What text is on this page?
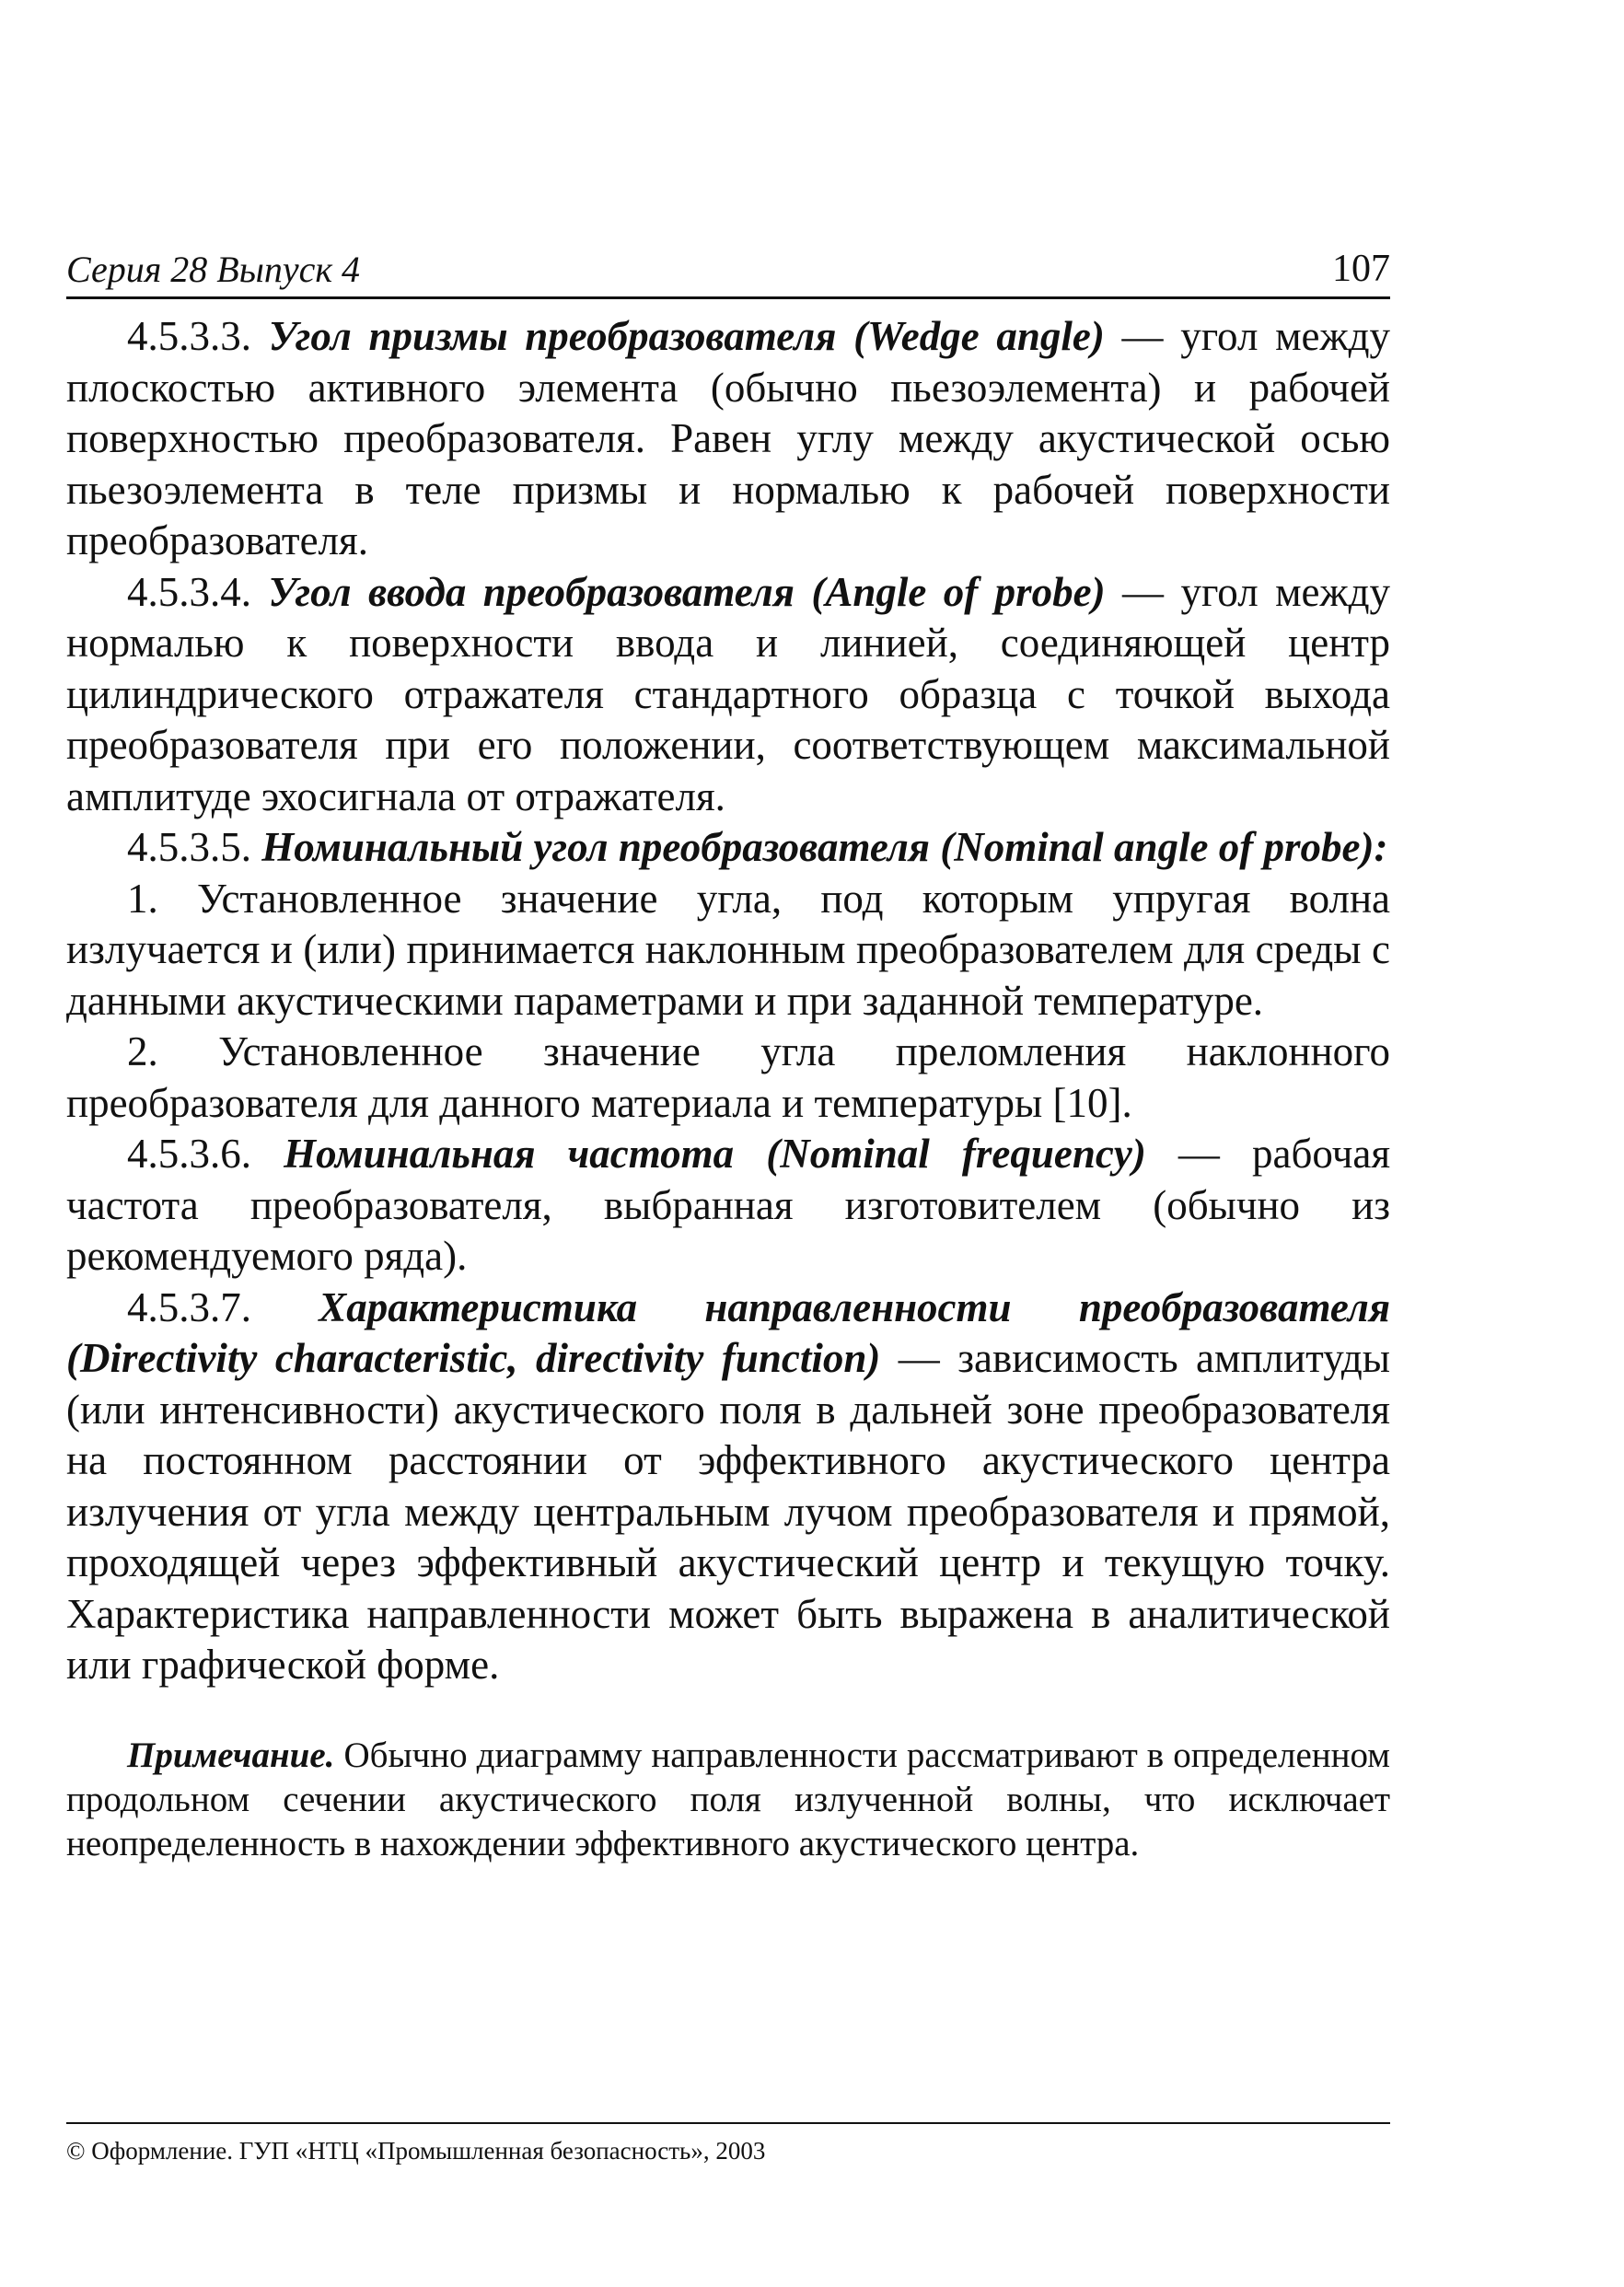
Серия 28 Выпуск 4	107

4.5.3.3. Угол призмы преобразователя (Wedge angle) — угол между плоскостью активного элемента (обычно пьезоэлемента) и рабочей поверхностью преобразователя. Равен углу между акустической осью пьезоэлемента в теле призмы и нормалью к рабочей поверхности преобразователя.

4.5.3.4. Угол ввода преобразователя (Angle of probe) — угол между нормалью к поверхности ввода и линией, соединяющей центр цилиндрического отражателя стандартного образца с точкой выхода преобразователя при его положении, соответствующем максимальной амплитуде эхосигнала от отражателя.

4.5.3.5. Номинальный угол преобразователя (Nominal angle of probe):

1. Установленное значение угла, под которым упругая волна излучается и (или) принимается наклонным преобразователем для среды с данными акустическими параметрами и при заданной температуре.

2. Установленное значение угла преломления наклонного преобразователя для данного материала и температуры [10].

4.5.3.6. Номинальная частота (Nominal frequency) — рабочая частота преобразователя, выбранная изготовителем (обычно из рекомендуемого ряда).

4.5.3.7. Характеристика направленности преобразователя (Directivity characteristic, directivity function) — зависимость амплитуды (или интенсивности) акустического поля в дальней зоне преобразователя на постоянном расстоянии от эффективного акустического центра излучения от угла между центральным лучом преобразователя и прямой, проходящей через эффективный акустический центр и текущую точку. Характеристика направленности может быть выражена в аналитической или графической форме.

Примечание. Обычно диаграмму направленности рассматривают в определенном продольном сечении акустического поля излученной волны, что исключает неопределенность в нахождении эффективного акустического центра.

© Оформление. ГУП «НТЦ «Промышленная безопасность», 2003
